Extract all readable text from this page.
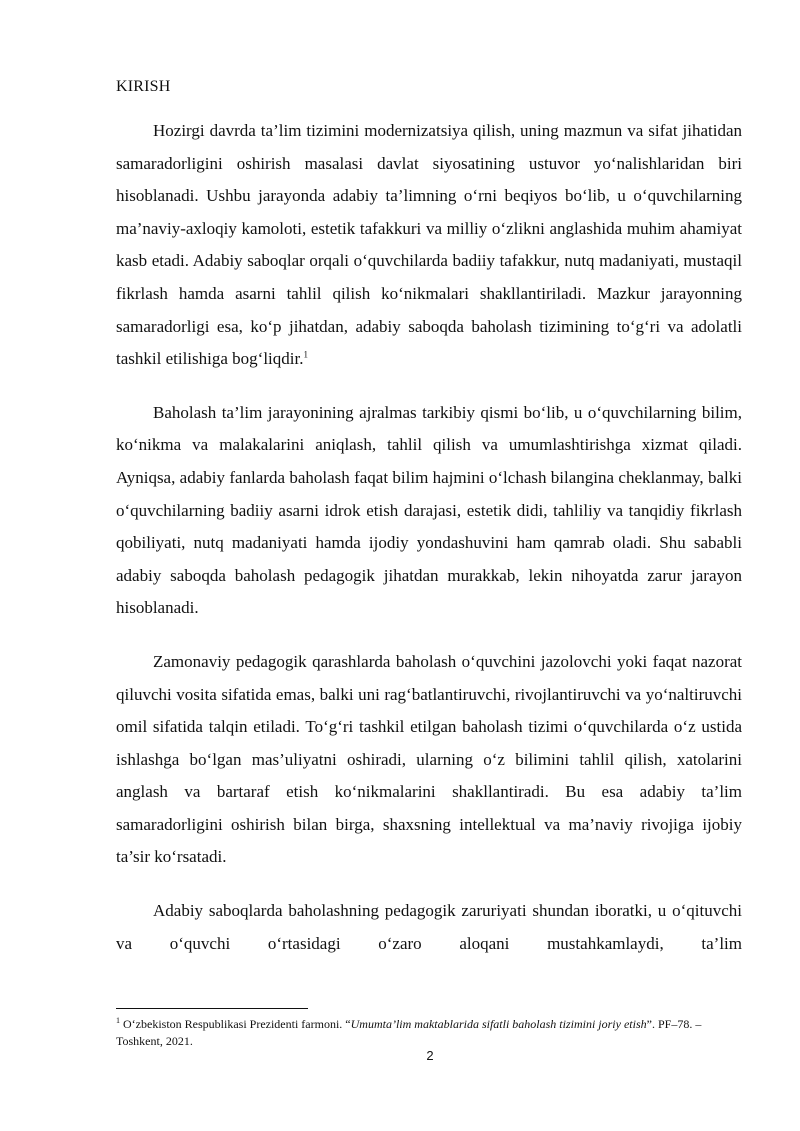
KIRISH

Hozirgi davrda ta’lim tizimini modernizatsiya qilish, uning mazmun va sifat jihatidan samaradorligini oshirish masalasi davlat siyosatining ustuvor yo‘nalishlaridan biri hisoblanadi. Ushbu jarayonda adabiy ta’limning o‘rni beqiyos bo‘lib, u o‘quvchilarning ma’naviy-axloqiy kamoloti, estetik tafakkuri va milliy o‘zlikni anglashida muhim ahamiyat kasb etadi. Adabiy saboqlar orqali o‘quvchilarda badiiy tafakkur, nutq madaniyati, mustaqil fikrlash hamda asarni tahlil qilish ko‘nikmalari shakllantiriladi. Mazkur jarayonning samaradorligi esa, ko‘p jihatdan, adabiy saboqda baholash tizimining to‘g‘ri va adolatli tashkil etilishiga bog‘liqdir.$^1$

Baholash ta’lim jarayonining ajralmas tarkibiy qismi bo‘lib, u o‘quvchilarning bilim, ko‘nikma va malakalarini aniqlash, tahlil qilish va umumlashtirishga xizmat qiladi. Ayniqsa, adabiy fanlarda baholash faqat bilim hajmini o‘lchash bilangina cheklanmay, balki o‘quvchilarning badiiy asarni idrok etish darajasi, estetik didi, tahliliy va tanqidiy fikrlash qobiliyati, nutq madaniyati hamda ijodiy yondashuvini ham qamrab oladi. Shu sababli adabiy saboqda baholash pedagogik jihatdan murakkab, lekin nihoyatda zarur jarayon hisoblanadi.

Zamonaviy pedagogik qarashlarda baholash o‘quvchini jazolovchi yoki faqat nazorat qiluvchi vosita sifatida emas, balki uni rag‘batlantiruvchi, rivojlantiruvchi va yo‘naltiruvchi omil sifatida talqin etiladi. To‘g‘ri tashkil etilgan baholash tizimi o‘quvchilarda o‘z ustida ishlashga bo‘lgan mas’uliyatni oshiradi, ularning o‘z bilimini tahlil qilish, xatolarini anglash va bartaraf etish ko‘nikmalarini shakllantiradi. Bu esa adabiy ta’lim samaradorligini oshirish bilan birga, shaxsning intellektual va ma’naviy rivojiga ijobiy ta’sir ko‘rsatadi.

Adabiy saboqlarda baholashning pedagogik zaruriyati shundan iboratki, u o‘qituvchi va o‘quvchi o‘rtasidagi o‘zaro aloqani mustahkamlaydi, ta’lim

$^1$ O‘zbekiston Respublikasi Prezidenti farmoni. “Umumta’lim maktablarida sifatli baholash tizimini joriy etish”. PF–78. – Toshkent, 2021.
2
